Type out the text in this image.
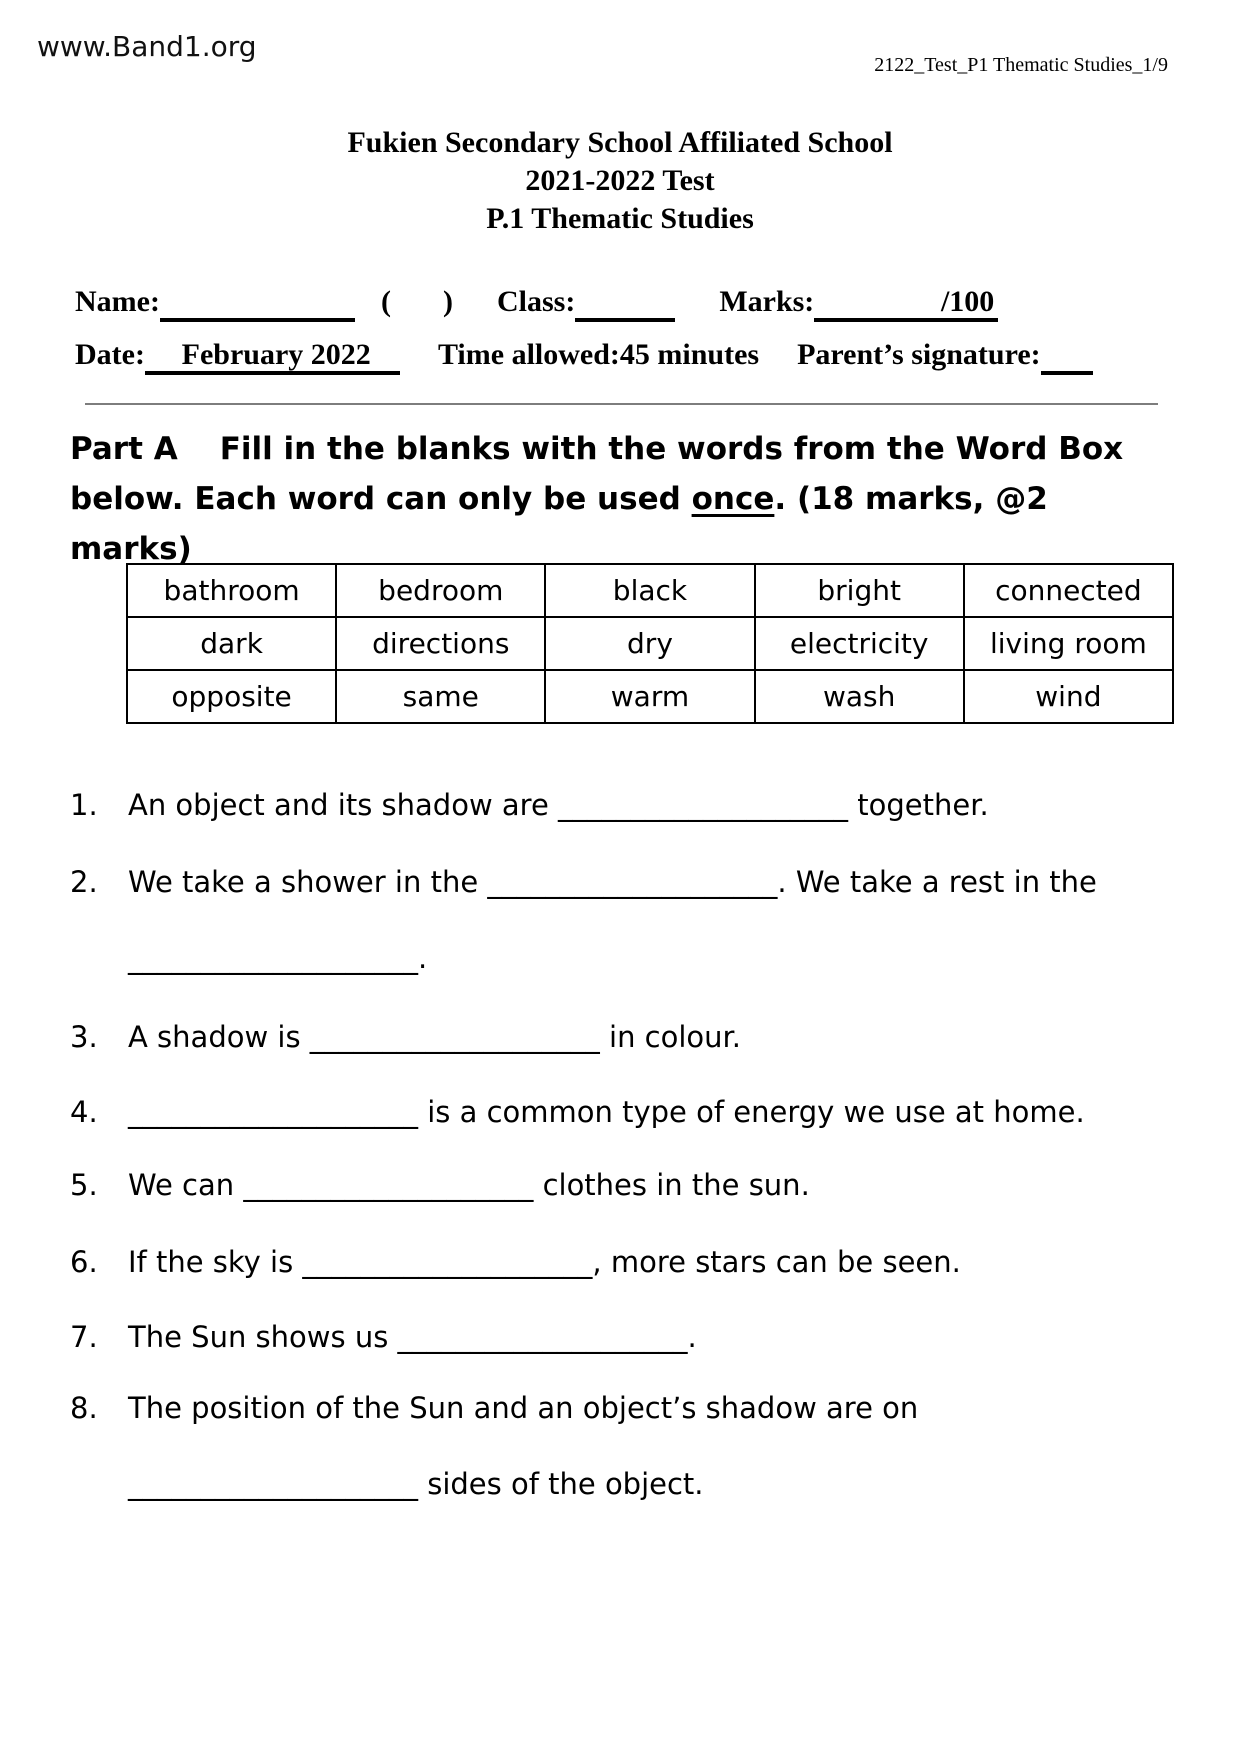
www.Band1.org
2122_Test_P1 Thematic Studies_1/9
Fukien Secondary School Affiliated School
2021-2022 Test
P.1 Thematic Studies
Name:	( ) Class:	Marks:	/100
Date: February 2022 Time allowed:45 minutes Parent’s signature:
Part A Fill in the blanks with the words from the Word Box
below. Each word can only be used once. (18 marks, @2 marks)
bathroom	bedroom	black	bright	connected
dark	directions	dry	electricity	living room
opposite	same	warm	wash	wind
1.	An object and its shadow are ____________________ together.
2.	We take a shower in the ____________________. We take a rest in the
____________________.
3.	A shadow is ____________________ in colour.
4.	____________________ is a common type of energy we use at home.
5.	We can ____________________ clothes in the sun.
6.	If the sky is ____________________, more stars can be seen.
7.	The Sun shows us ____________________.
8.	The position of the Sun and an object’s shadow are on
____________________ sides of the object.
